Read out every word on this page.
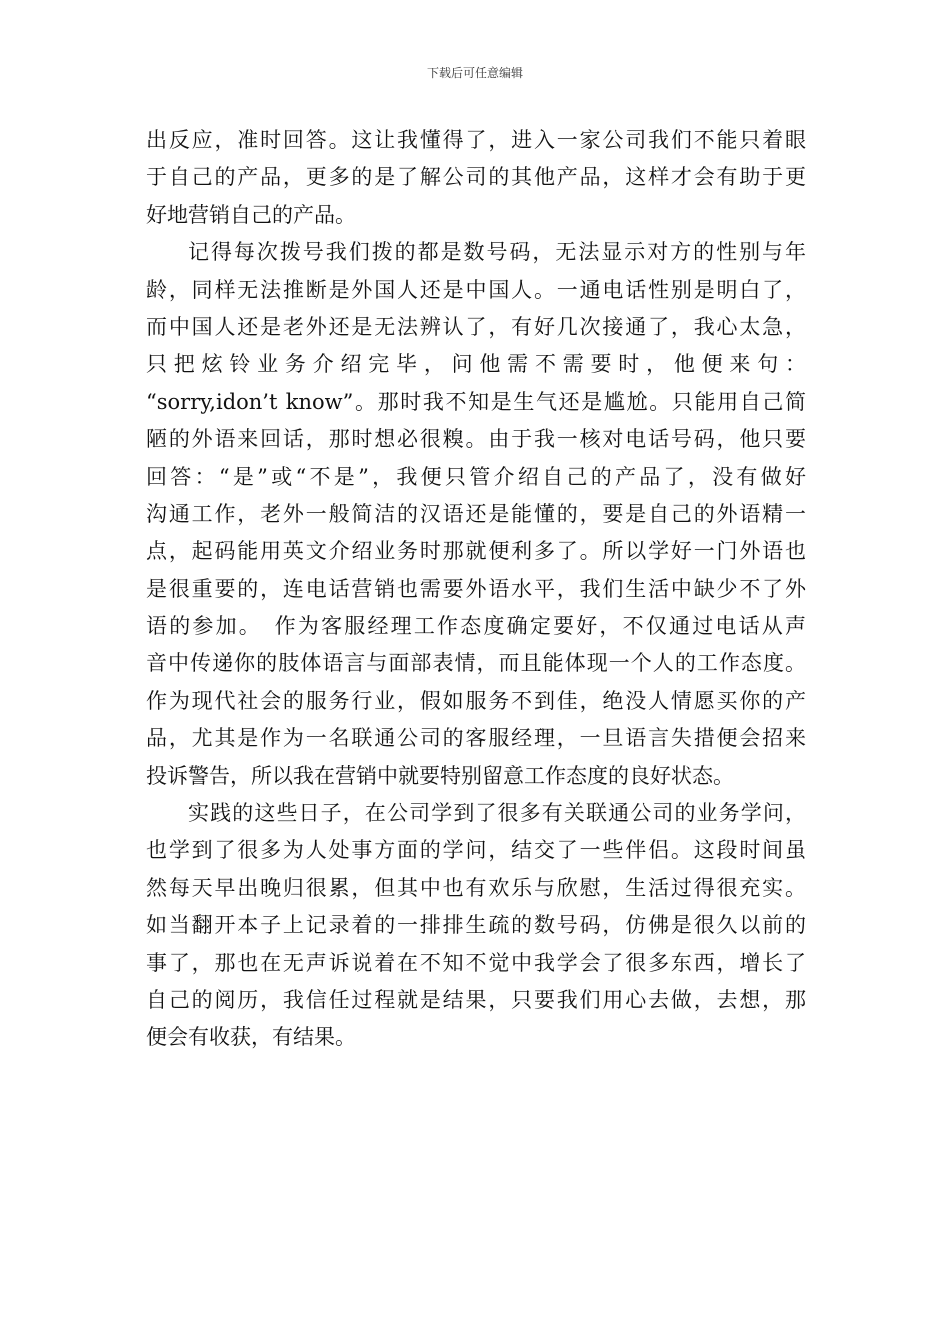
下载后可任意编辑
出反应，准时回答。这让我懂得了，进入一家公司我们不能只着眼
于自己的产品，更多的是了解公司的其他产品，这样才会有助于更
好地营销自己的产品。
记得每次拨号我们拨的都是数号码，无法显示对方的性别与年
龄，同样无法推断是外国人还是中国人。一通电话性别是明白了，
而中国人还是老外还是无法辨认了，有好几次接通了，我心太急，
只把炫铃业务介绍完毕，问他需不需要时，他便来句：
“sorry,idon’t know”。那时我不知是生气还是尴尬。只能用自己简
陋的外语来回话，那时想必很糗。由于我一核对电话号码，他只要
回答：“是”或“不是”，我便只管介绍自己的产品了，没有做好
沟通工作，老外一般简洁的汉语还是能懂的，要是自己的外语精一
点，起码能用英文介绍业务时那就便利多了。所以学好一门外语也
是很重要的，连电话营销也需要外语水平，我们生活中缺少不了外
语的参加。　作为客服经理工作态度确定要好，不仅通过电话从声
音中传递你的肢体语言与面部表情，而且能体现一个人的工作态度。
作为现代社会的服务行业，假如服务不到佳，绝没人情愿买你的产
品，尤其是作为一名联通公司的客服经理，一旦语言失措便会招来
投诉警告，所以我在营销中就要特别留意工作态度的良好状态。
实践的这些日子，在公司学到了很多有关联通公司的业务学问，
也学到了很多为人处事方面的学问，结交了一些伴侣。这段时间虽
然每天早出晚归很累，但其中也有欢乐与欣慰，生活过得很充实。
如当翻开本子上记录着的一排排生疏的数号码，仿佛是很久以前的
事了，那也在无声诉说着在不知不觉中我学会了很多东西，增长了
自己的阅历，我信任过程就是结果，只要我们用心去做，去想，那
便会有收获，有结果。
